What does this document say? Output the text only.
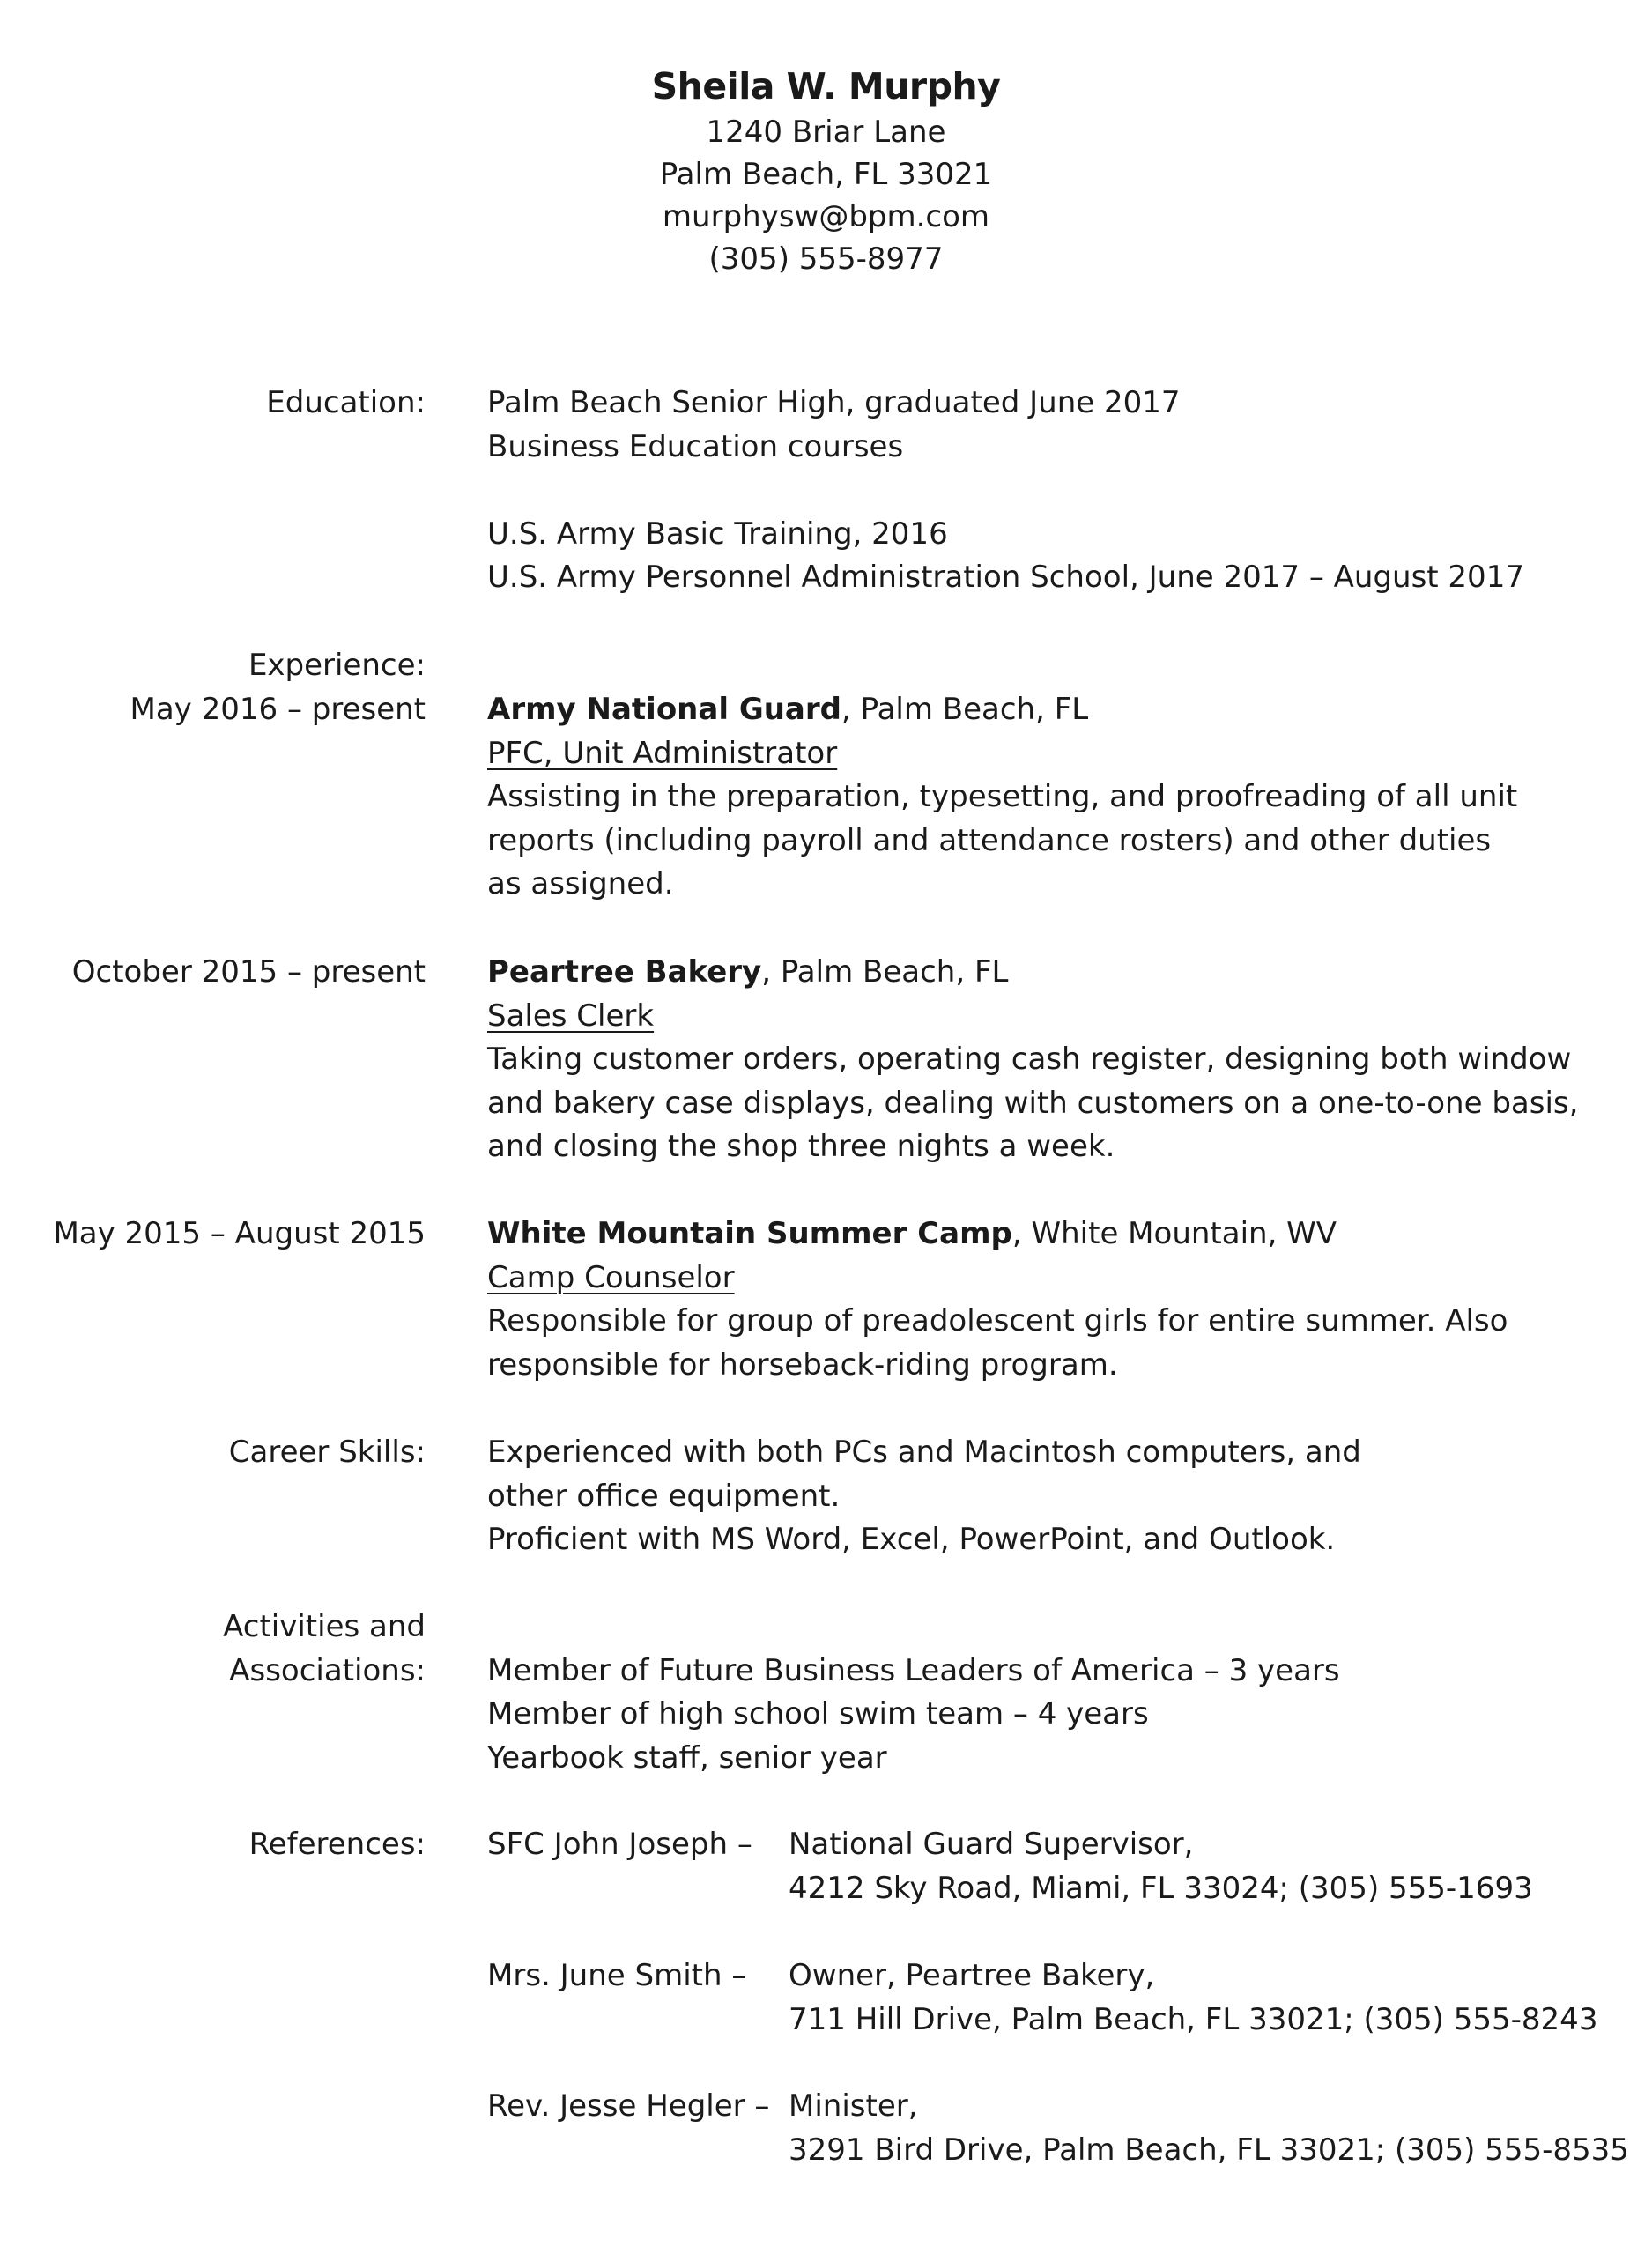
Sheila W. Murphy
1240 Briar Lane
Palm Beach, FL 33021
murphysw@bpm.com
(305) 555-8977
Education: Palm Beach Senior High, graduated June 2017
Business Education courses
U.S. Army Basic Training, 2016
U.S. Army Personnel Administration School, June 2017 – August 2017
Experience:
May 2016 – present Army National Guard, Palm Beach, FL
PFC, Unit Administrator
Assisting in the preparation, typesetting, and proofreading of all unit
reports (including payroll and attendance rosters) and other duties
as assigned.
October 2015 – present Peartree Bakery, Palm Beach, FL
Sales Clerk
Taking customer orders, operating cash register, designing both window
and bakery case displays, dealing with customers on a one-to-one basis,
and closing the shop three nights a week.
May 2015 – August 2015 White Mountain Summer Camp, White Mountain, WV
Camp Counselor
Responsible for group of preadolescent girls for entire summer. Also
responsible for horseback-riding program.
Career Skills: Experienced with both PCs and Macintosh computers, and
other office equipment.
Proficient with MS Word, Excel, PowerPoint, and Outlook.
Activities and
Associations: Member of Future Business Leaders of America – 3 years
Member of high school swim team – 4 years
Yearbook staff, senior year
References: SFC John Joseph – National Guard Supervisor,
4212 Sky Road, Miami, FL 33024; (305) 555-1693
Mrs. June Smith – Owner, Peartree Bakery,
711 Hill Drive, Palm Beach, FL 33021; (305) 555-8243
Rev. Jesse Hegler – Minister,
3291 Bird Drive, Palm Beach, FL 33021; (305) 555-8535
